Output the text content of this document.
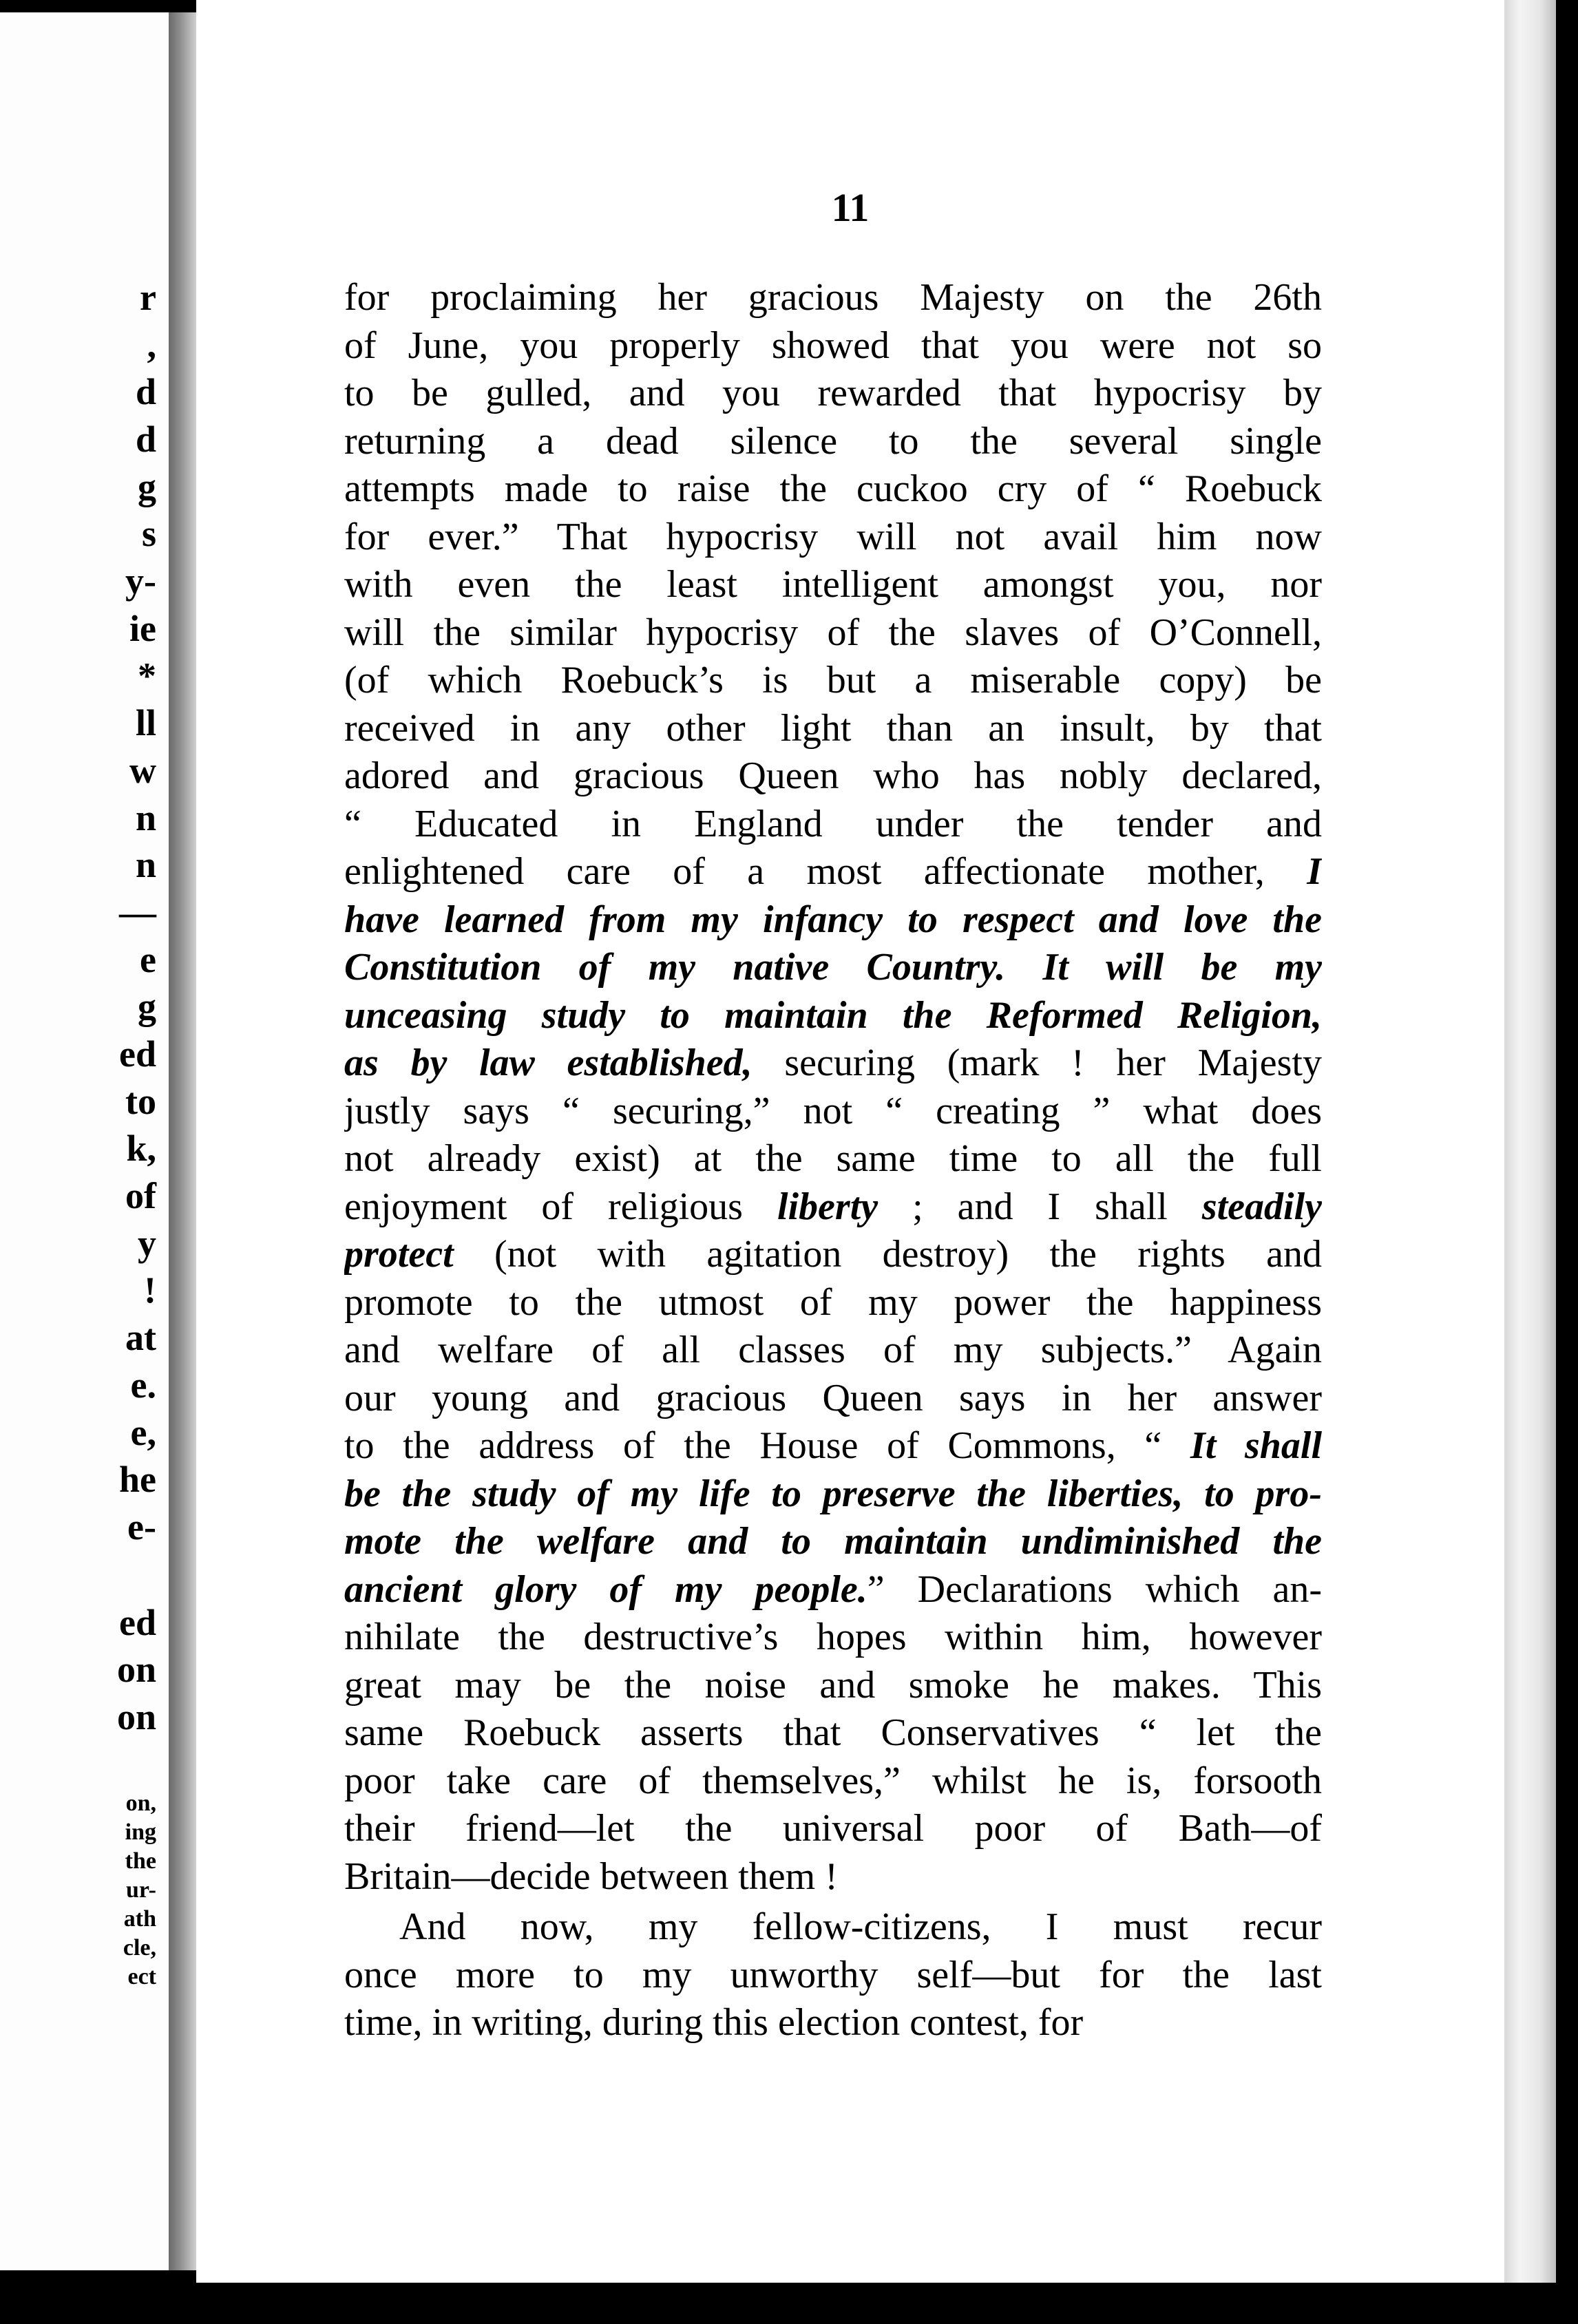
r
,
d
d
g
s
y-
ie
*
ll
w
n
n
—
e
g
ed
to
k,
of
y
!
at
e.
e,
he
e-
ed
on
on
on,
ing
the
ur-
ath
cle,
ect
11
for proclaiming her gracious Majesty on the 26th
of June, you properly showed that you were not so
to be gulled, and you rewarded that hypocrisy by
returning a dead silence to the several single
attempts made to raise the cuckoo cry of “ Roebuck
for ever.” That hypocrisy will not avail him now
with even the least intelligent amongst you, nor
will the similar hypocrisy of the slaves of O’Connell,
(of which Roebuck’s is but a miserable copy) be
received in any other light than an insult, by that
adored and gracious Queen who has nobly declared,
“ Educated in England under the tender and
enlightened care of a most affectionate mother, I
have learned from my infancy to respect and love the
Constitution of my native Country. It will be my
unceasing study to maintain the Reformed Religion,
as by law established, securing (mark ! her Majesty
justly says “ securing,” not “ creating ” what does
not already exist) at the same time to all the full
enjoyment of religious liberty ; and I shall steadily
protect (not with agitation destroy) the rights and
promote to the utmost of my power the happiness
and welfare of all classes of my subjects.” Again
our young and gracious Queen says in her answer
to the address of the House of Commons, “ It shall
be the study of my life to preserve the liberties, to pro-
mote the welfare and to maintain undiminished the
ancient glory of my people.” Declarations which an-
nihilate the destructive’s hopes within him, however
great may be the noise and smoke he makes. This
same Roebuck asserts that Conservatives “ let the
poor take care of themselves,” whilst he is, forsooth
their friend—let the universal poor of Bath—of
Britain—decide between them !
And now, my fellow-citizens, I must recur
once more to my unworthy self—but for the last
time, in writing, during this election contest, for
